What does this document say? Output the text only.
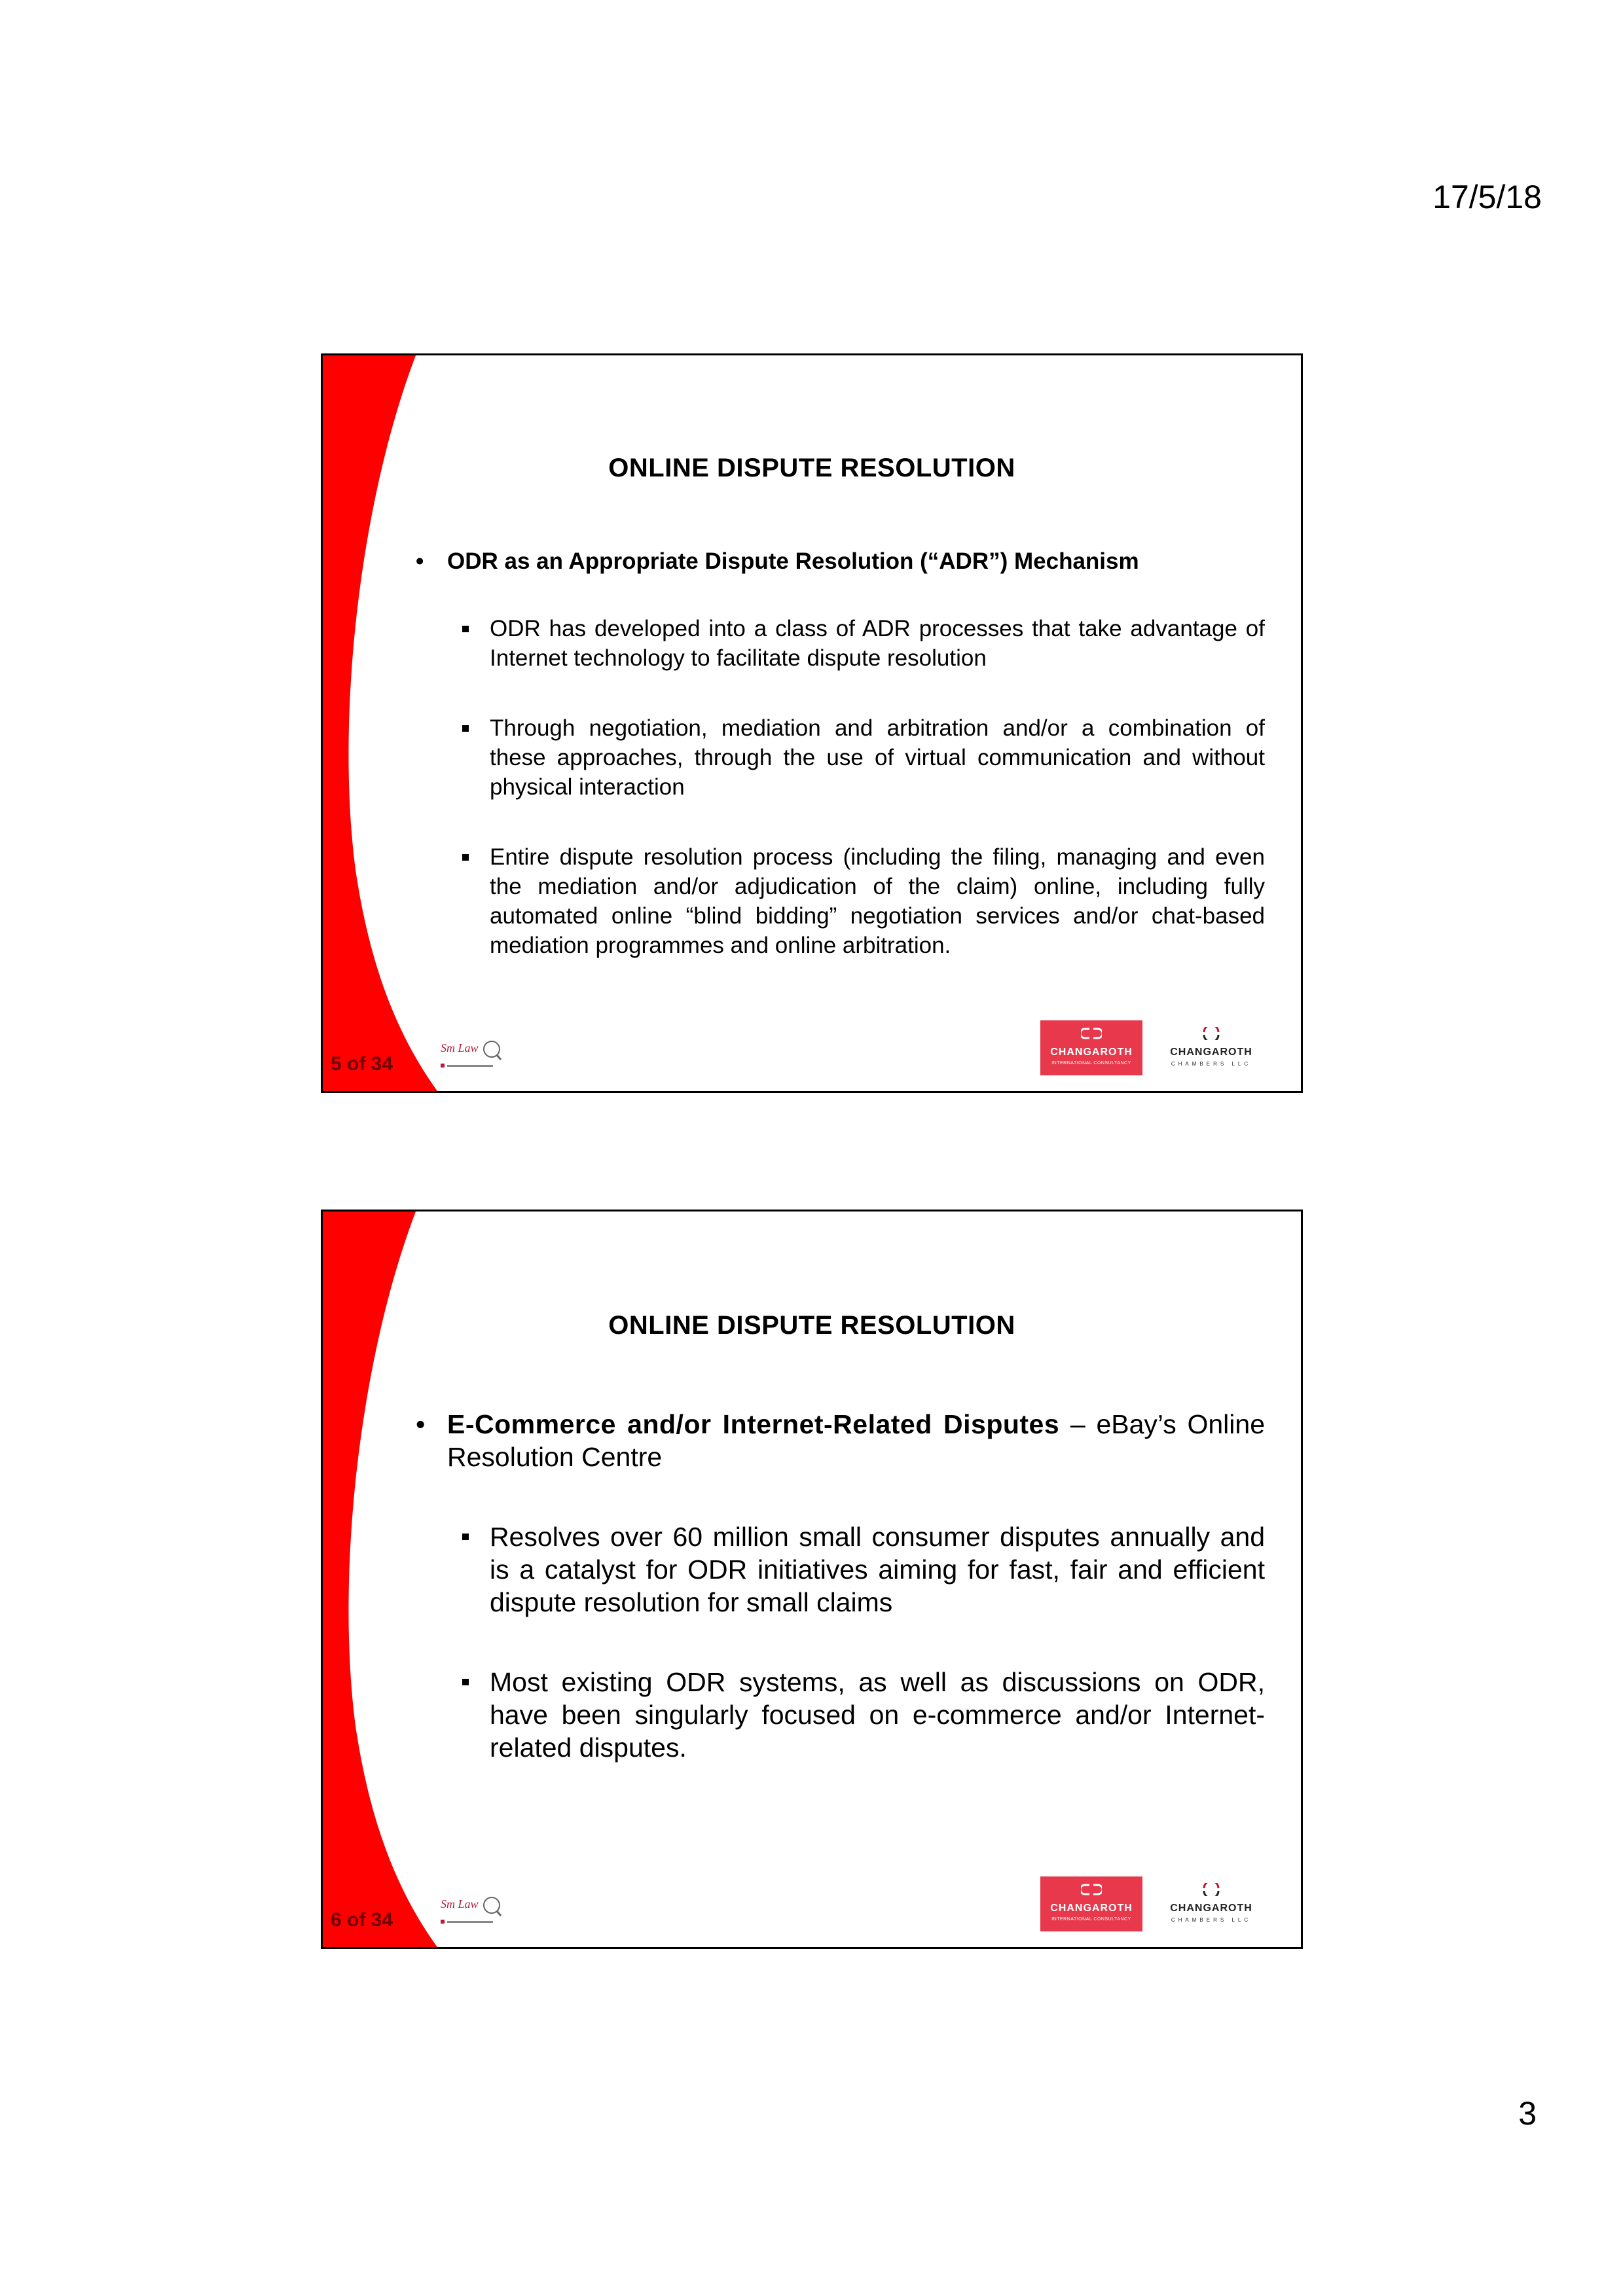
17/5/18
ONLINE DISPUTE RESOLUTION
• ODR as an Appropriate Dispute Resolution (“ADR”) Mechanism
ODR has developed into a class of ADR processes that take advantage of Internet technology to facilitate dispute resolution
Through negotiation, mediation and arbitration and/or a combination of these approaches, through the use of virtual communication and without physical interaction
Entire dispute resolution process (including the filing, managing and even the mediation and/or adjudication of the claim) online, including fully automated online “blind bidding” negotiation services and/or chat-based mediation programmes and online arbitration.
5 of 34
Sm Law	CHANGAROTH
INTERNATIONAL CONSULTANCY
CHANGAROTH
CHAMBERS LLC
ONLINE DISPUTE RESOLUTION
• E-Commerce and/or Internet-Related Disputes – eBay’s Online Resolution Centre
Resolves over 60 million small consumer disputes annually and is a catalyst for ODR initiatives aiming for fast, fair and efficient dispute resolution for small claims
Most existing ODR systems, as well as discussions on ODR, have been singularly focused on e-commerce and/or Internet-related disputes.
6 of 34
Sm Law	CHANGAROTH
INTERNATIONAL CONSULTANCY
CHANGAROTH
CHAMBERS LLC
3
